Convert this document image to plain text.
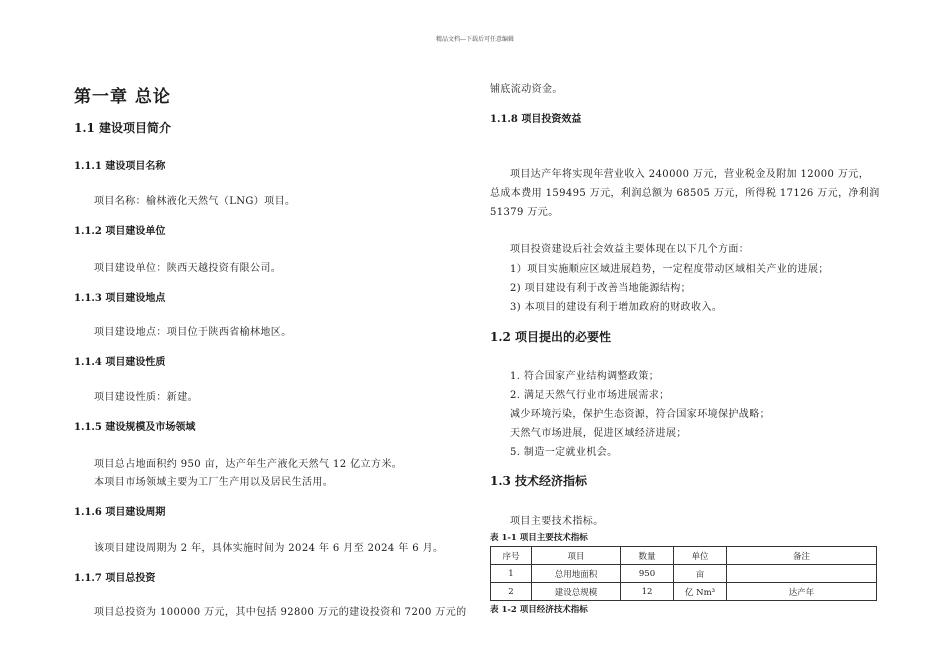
精品文档---下载后可任意编辑
第一章 总论
1.1 建设项目简介
1.1.1 建设项目名称
项目名称：榆林液化天然气（LNG）项目。
1.1.2 项目建设单位
项目建设单位：陕西天越投资有限公司。
1.1.3 项目建设地点
项目建设地点：项目位于陕西省榆林地区。
1.1.4 项目建设性质
项目建设性质：新建。
1.1.5 建设规模及市场领域
项目总占地面积约 950 亩，达产年生产液化天然气 12 亿立方米。
本项目市场领域主要为工厂生产用以及居民生活用。
1.1.6 项目建设周期
该项目建设周期为 2 年，具体实施时间为 2024 年 6 月至 2024 年 6 月。
1.1.7 项目总投资
项目总投资为 100000 万元，其中包括 92800 万元的建设投资和 7200 万元的
铺底流动资金。
1.1.8 项目投资效益
项目达产年将实现年营业收入 240000 万元，营业税金及附加 12000 万元，
总成本费用 159495 万元，利润总额为 68505 万元，所得税 17126 万元，净利润
51379 万元。
项目投资建设后社会效益主要体现在以下几个方面：
1）项目实施顺应区域进展趋势，一定程度带动区域相关产业的进展；
2) 项目建设有利于改善当地能源结构；
3) 本项目的建设有利于增加政府的财政收入。
1.2 项目提出的必要性
1. 符合国家产业结构调整政策；
2. 满足天然气行业市场进展需求；
减少环境污染，保护生态资源，符合国家环境保护战略；
天然气市场进展，促进区域经济进展；
5. 制造一定就业机会。
1.3 技术经济指标
项目主要技术指标。
表 1-1 项目主要技术指标
序号	项目	数量	单位	备注
1	总用地面积	950	亩	
2	建设总规模	12	亿 Nm³	达产年
表 1-2 项目经济技术指标
